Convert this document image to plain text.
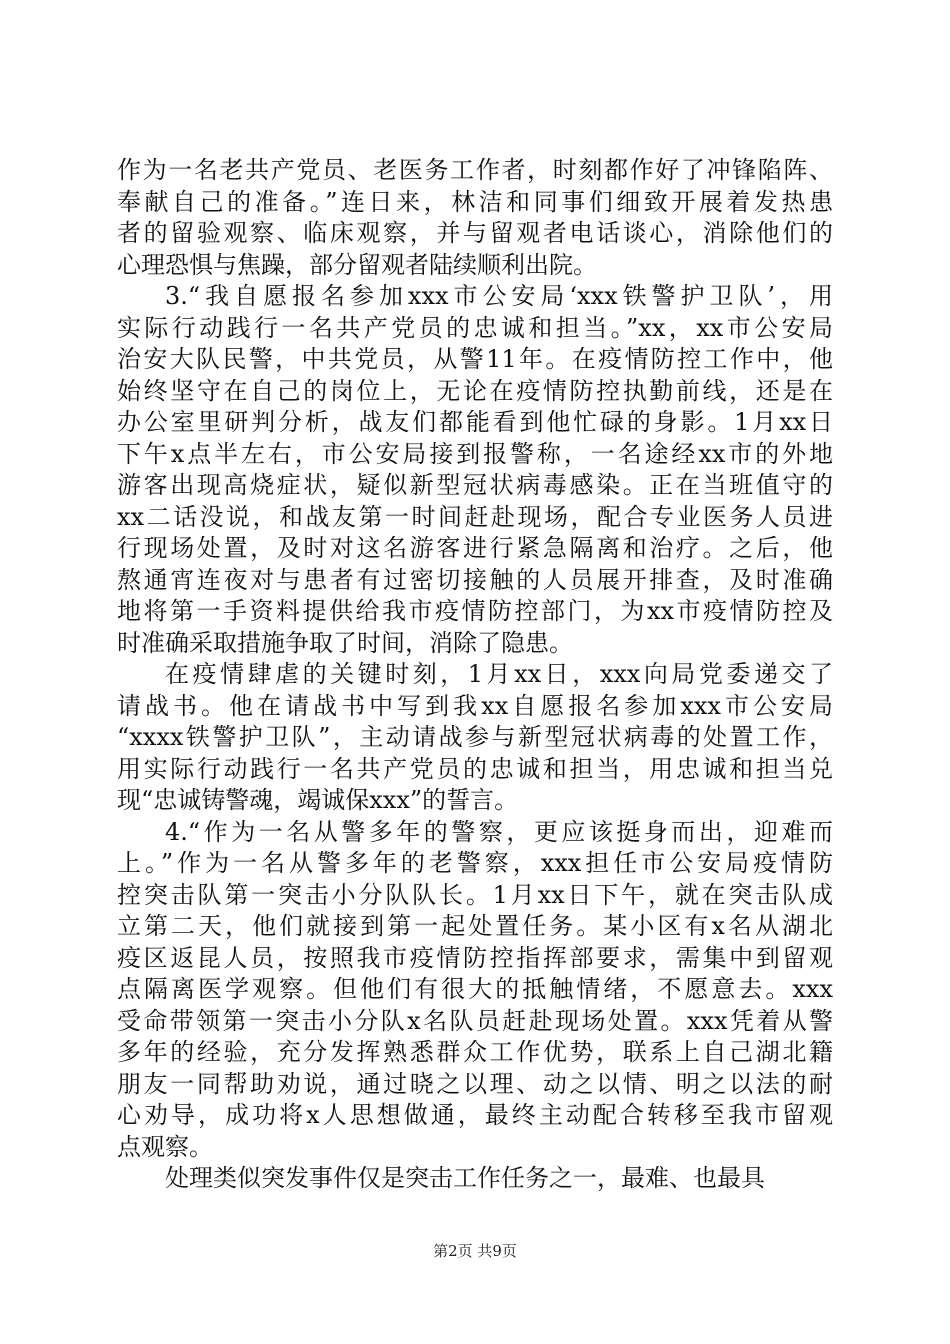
作为一名老共产党员、老医务工作者，时刻都作好了冲锋陷阵、
奉献自己的准备。”连日来，林洁和同事们细致开展着发热患
者的留验观察、临床观察，并与留观者电话谈心，消除他们的
心理恐惧与焦躁，部分留观者陆续顺利出院。
3.“我自愿报名参加xxx市公安局‘xxx铁警护卫队’，用
实际行动践行一名共产党员的忠诚和担当。”xx，xx市公安局
治安大队民警，中共党员，从警11年。在疫情防控工作中，他
始终坚守在自己的岗位上，无论在疫情防控执勤前线，还是在
办公室里研判分析，战友们都能看到他忙碌的身影。1月xx日
下午x点半左右，市公安局接到报警称，一名途经xx市的外地
游客出现高烧症状，疑似新型冠状病毒感染。正在当班值守的
xx二话没说，和战友第一时间赶赴现场，配合专业医务人员进
行现场处置，及时对这名游客进行紧急隔离和治疗。之后，他
熬通宵连夜对与患者有过密切接触的人员展开排查，及时准确
地将第一手资料提供给我市疫情防控部门，为xx市疫情防控及
时准确采取措施争取了时间，消除了隐患。
在疫情肆虐的关键时刻，1月xx日，xxx向局党委递交了
请战书。他在请战书中写到我xx自愿报名参加xxx市公安局
“xxxx铁警护卫队”，主动请战参与新型冠状病毒的处置工作，
用实际行动践行一名共产党员的忠诚和担当，用忠诚和担当兑
现“忠诚铸警魂，竭诚保xxx”的誓言。
4.“作为一名从警多年的警察，更应该挺身而出，迎难而
上。”作为一名从警多年的老警察，xxx担任市公安局疫情防
控突击队第一突击小分队队长。1月xx日下午，就在突击队成
立第二天，他们就接到第一起处置任务。某小区有x名从湖北
疫区返昆人员，按照我市疫情防控指挥部要求，需集中到留观
点隔离医学观察。但他们有很大的抵触情绪，不愿意去。xxx
受命带领第一突击小分队x名队员赶赴现场处置。xxx凭着从警
多年的经验，充分发挥熟悉群众工作优势，联系上自己湖北籍
朋友一同帮助劝说，通过晓之以理、动之以情、明之以法的耐
心劝导，成功将x人思想做通，最终主动配合转移至我市留观
点观察。
处理类似突发事件仅是突击工作任务之一，最难、也最具
第2页 共9页
